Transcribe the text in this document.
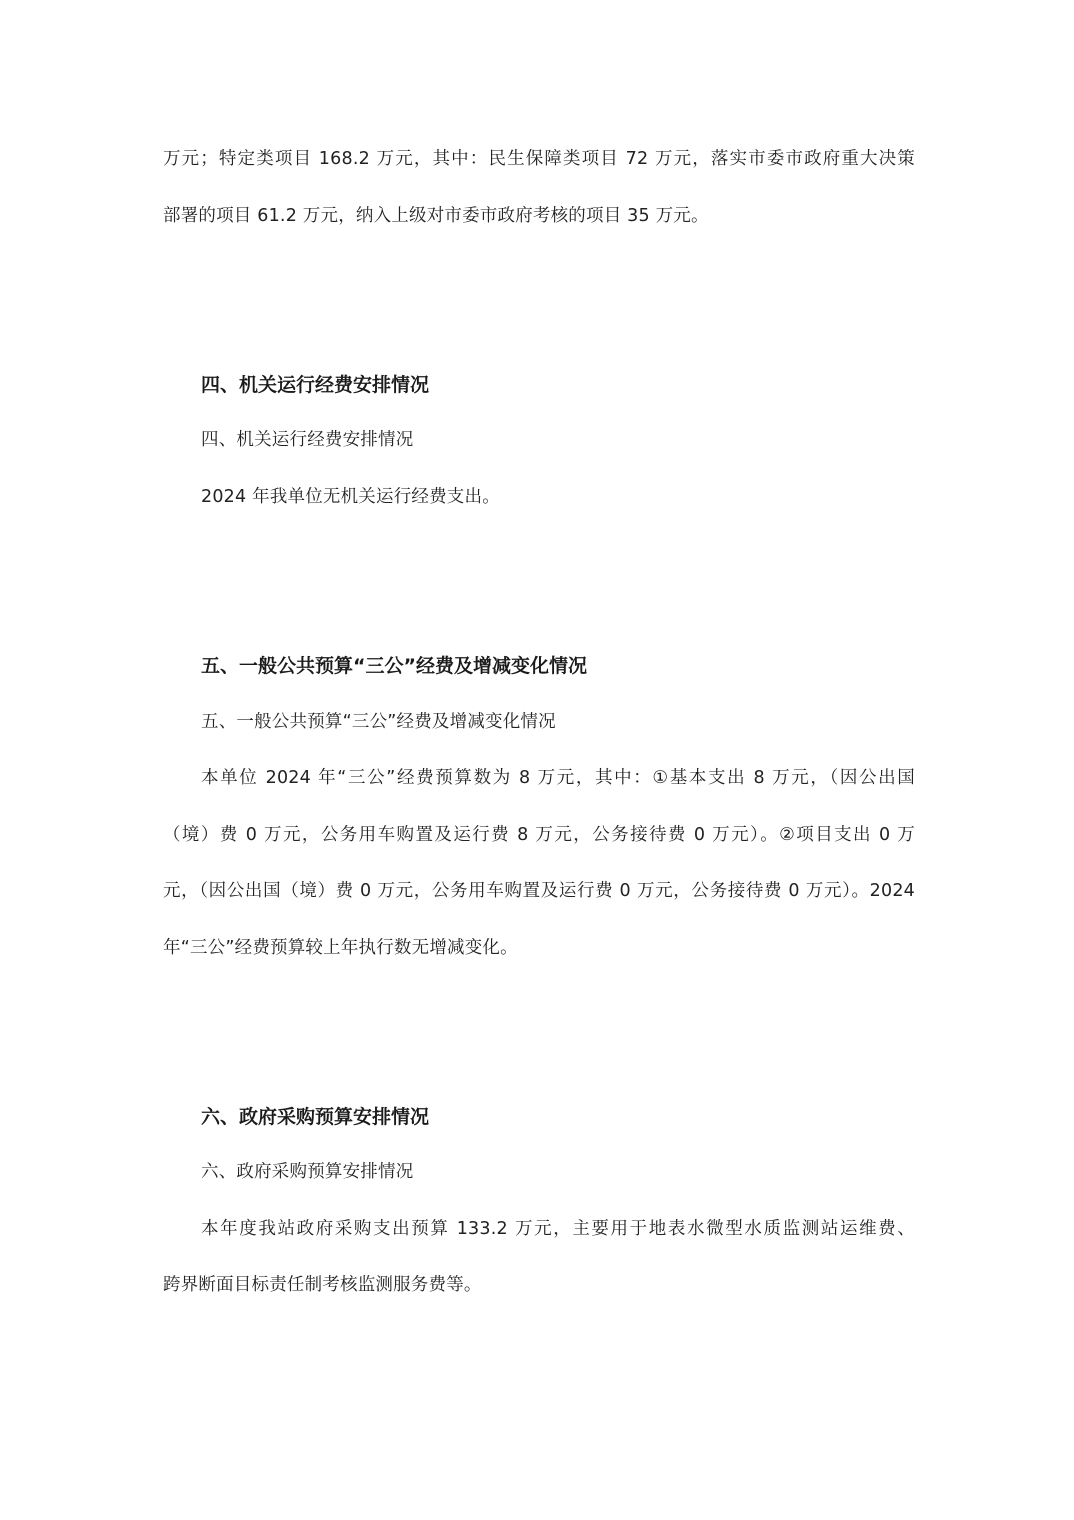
万元；特定类项目 168.2 万元，其中：民生保障类项目 72 万元，落实市委市政府重大决策
部署的项目 61.2 万元，纳入上级对市委市政府考核的项目 35 万元。
四、机关运行经费安排情况
四、机关运行经费安排情况
2024 年我单位无机关运行经费支出。
五、一般公共预算“三公”经费及增减变化情况
五、一般公共预算“三公”经费及增减变化情况
本单位 2024 年“三公”经费预算数为 8 万元，其中：①基本支出 8 万元，（因公出国
（境）费 0 万元，公务用车购置及运行费 8 万元，公务接待费 0 万元）。②项目支出 0 万
元，（因公出国（境）费 0 万元，公务用车购置及运行费 0 万元，公务接待费 0 万元）。2024
年“三公”经费预算较上年执行数无增减变化。
六、政府采购预算安排情况
六、政府采购预算安排情况
本年度我站政府采购支出预算 133.2 万元，主要用于地表水微型水质监测站运维费、
跨界断面目标责任制考核监测服务费等。
